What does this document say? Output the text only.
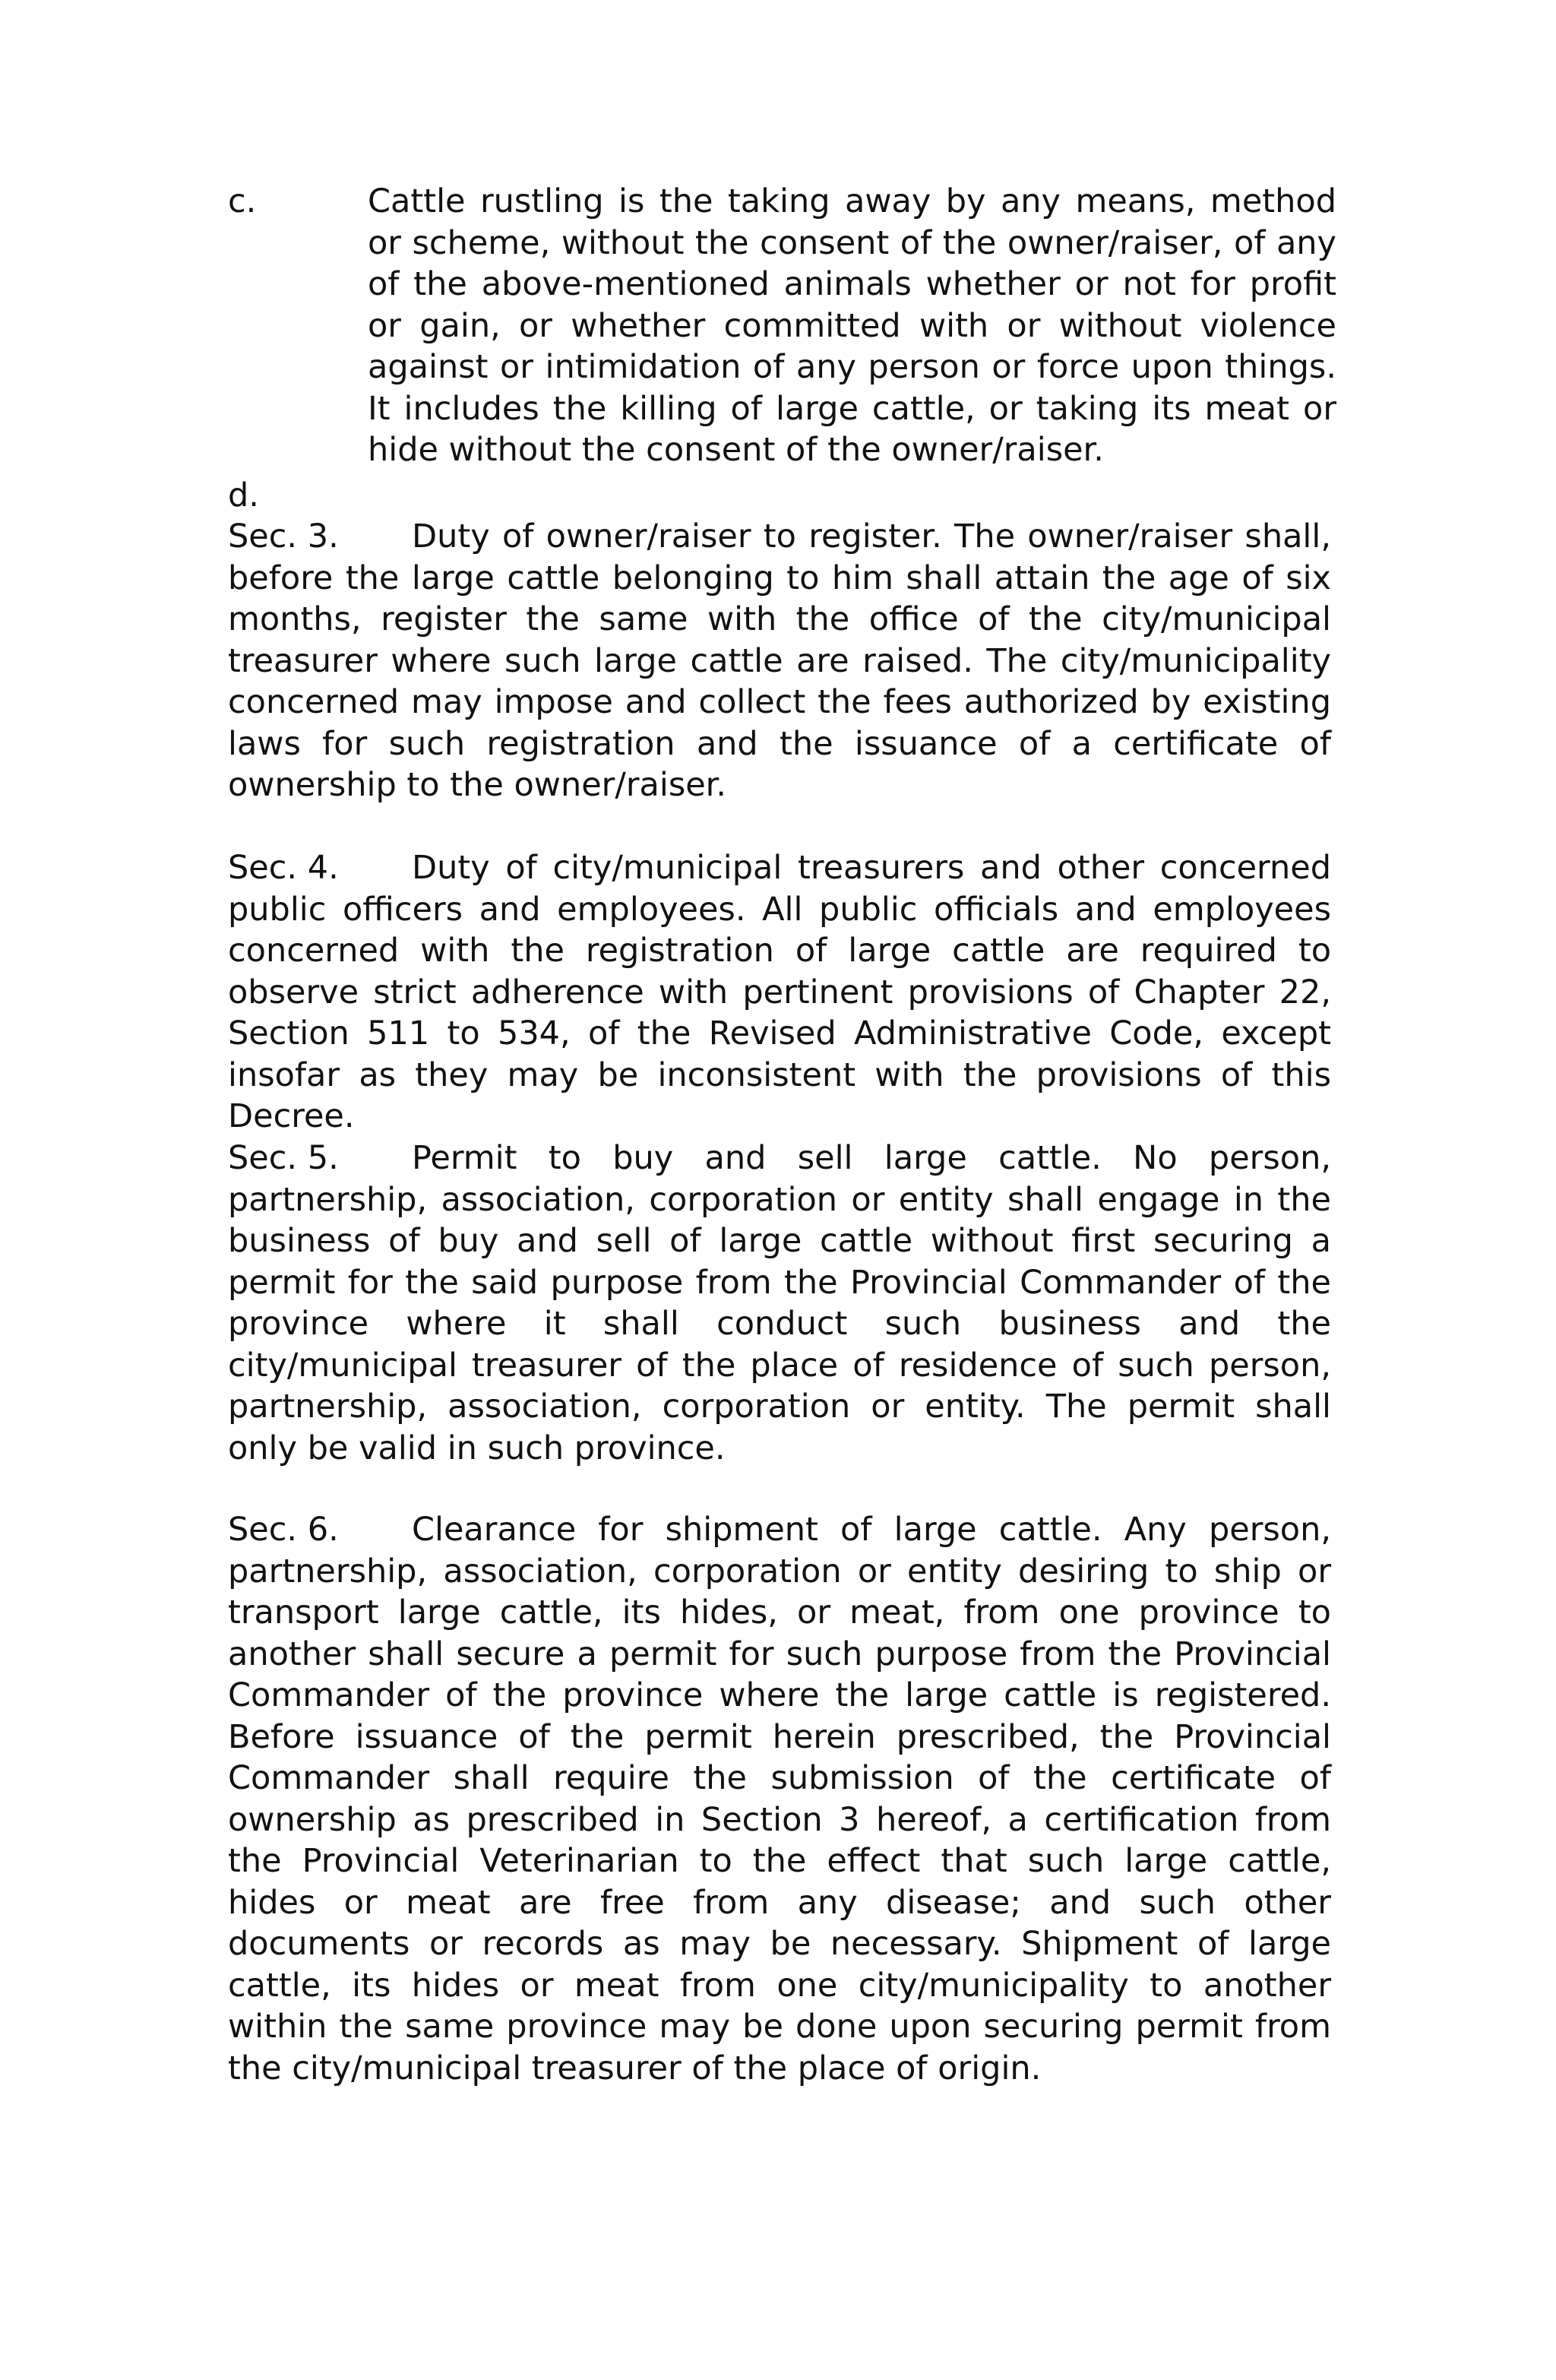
c.	Cattle rustling is the taking away by any means, method or scheme, without the consent of the owner/raiser, of any of the above-mentioned animals whether or not for profit or gain, or whether committed with or without violence against or intimidation of any person or force upon things. It includes the killing of large cattle, or taking its meat or hide without the consent of the owner/raiser.
d.
Sec. 3. Duty of owner/raiser to register. The owner/raiser shall, before the large cattle belonging to him shall attain the age of six months, register the same with the office of the city/municipal treasurer where such large cattle are raised. The city/municipality concerned may impose and collect the fees authorized by existing laws for such registration and the issuance of a certificate of ownership to the owner/raiser.
Sec. 4. Duty of city/municipal treasurers and other concerned public officers and employees. All public officials and employees concerned with the registration of large cattle are required to observe strict adherence with pertinent provisions of Chapter 22, Section 511 to 534, of the Revised Administrative Code, except insofar as they may be inconsistent with the provisions of this Decree.
Sec. 5. Permit to buy and sell large cattle. No person, partnership, association, corporation or entity shall engage in the business of buy and sell of large cattle without first securing a permit for the said purpose from the Provincial Commander of the province where it shall conduct such business and the city/municipal treasurer of the place of residence of such person, partnership, association, corporation or entity. The permit shall only be valid in such province.
Sec. 6. Clearance for shipment of large cattle. Any person, partnership, association, corporation or entity desiring to ship or transport large cattle, its hides, or meat, from one province to another shall secure a permit for such purpose from the Provincial Commander of the province where the large cattle is registered. Before issuance of the permit herein prescribed, the Provincial Commander shall require the submission of the certificate of ownership as prescribed in Section 3 hereof, a certification from the Provincial Veterinarian to the effect that such large cattle, hides or meat are free from any disease; and such other documents or records as may be necessary. Shipment of large cattle, its hides or meat from one city/municipality to another within the same province may be done upon securing permit from the city/municipal treasurer of the place of origin.
